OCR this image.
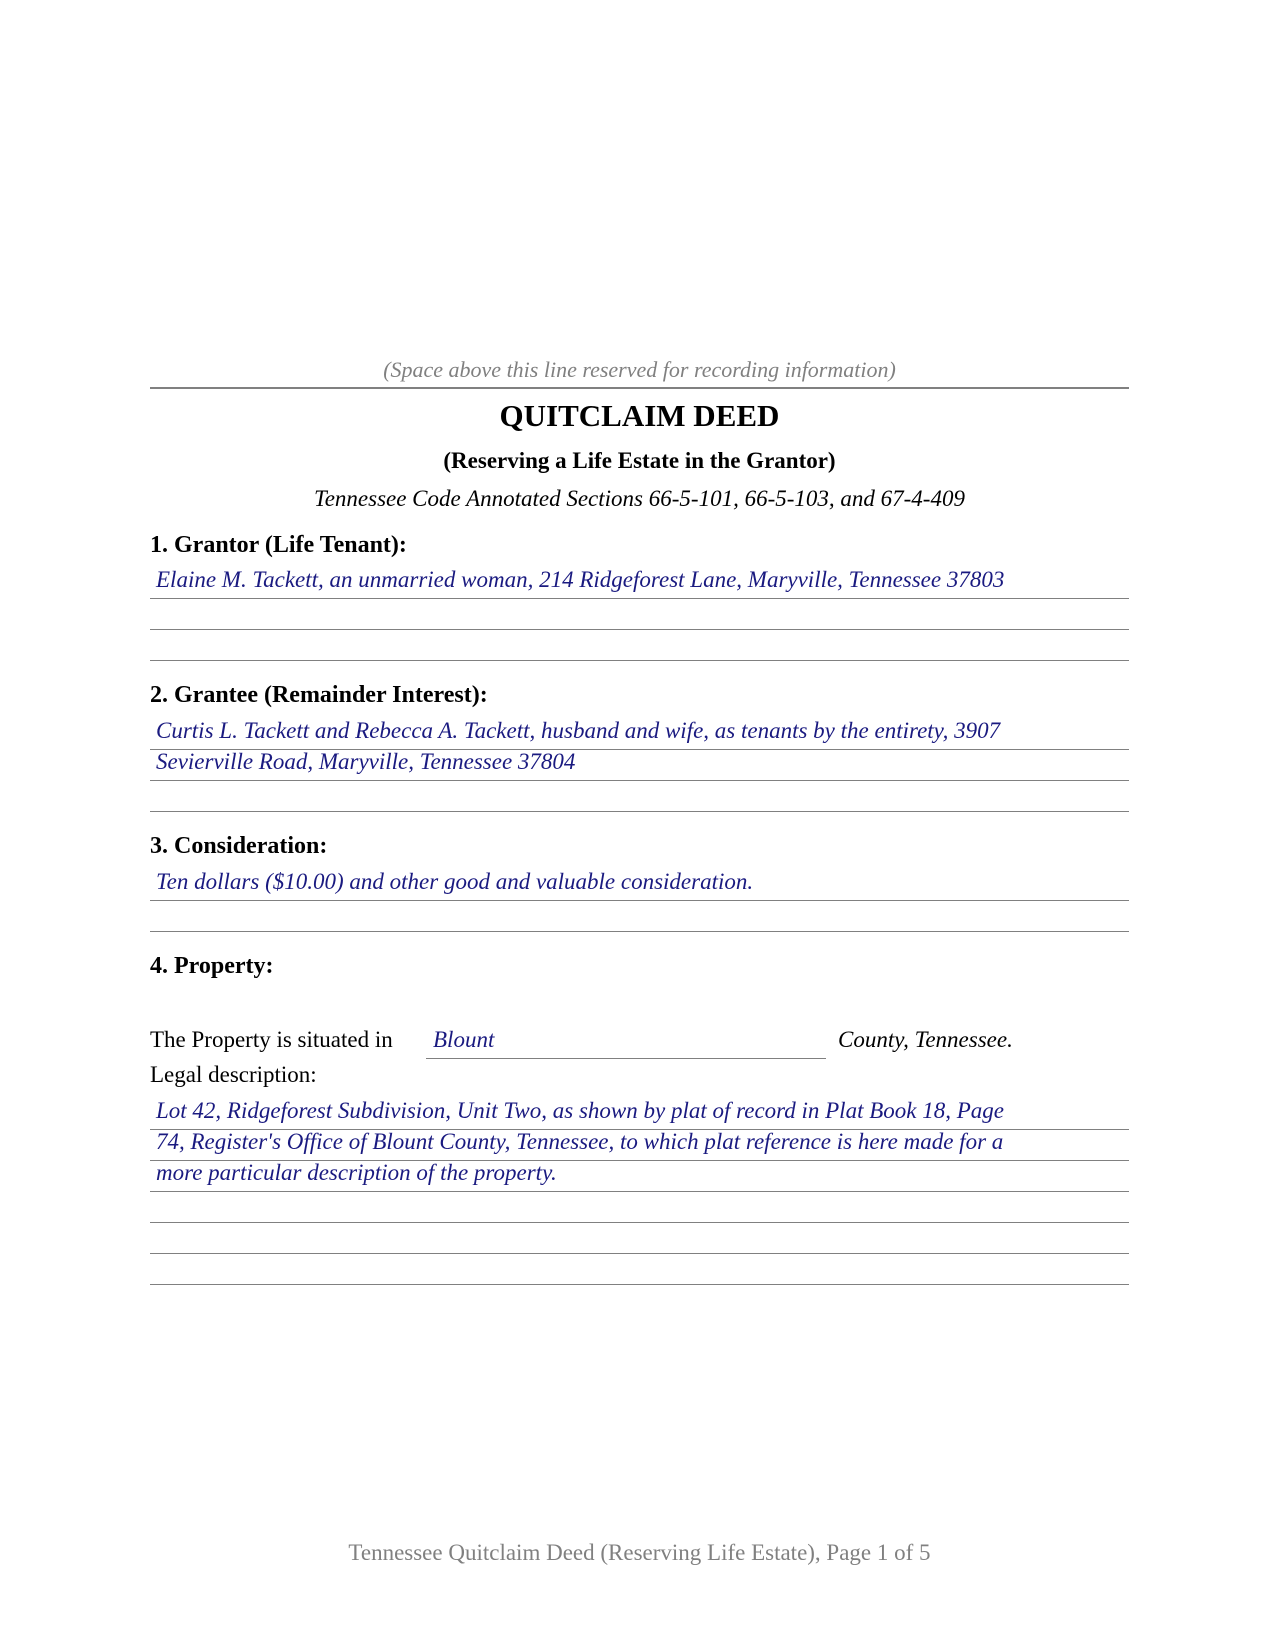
(Space above this line reserved for recording information)
QUITCLAIM DEED
(Reserving a Life Estate in the Grantor)
Tennessee Code Annotated Sections 66-5-101, 66-5-103, and 67-4-409
1. Grantor (Life Tenant):
Elaine M. Tackett, an unmarried woman, 214 Ridgeforest Lane, Maryville, Tennessee 37803
2. Grantee (Remainder Interest):
Curtis L. Tackett and Rebecca A. Tackett, husband and wife, as tenants by the entirety, 3907
Sevierville Road, Maryville, Tennessee 37804
3. Consideration:
Ten dollars ($10.00) and other good and valuable consideration.
4. Property:
The Property is situated in Blount	County, Tennessee.
Legal description:
Lot 42, Ridgeforest Subdivision, Unit Two, as shown by plat of record in Plat Book 18, Page
74, Register's Office of Blount County, Tennessee, to which plat reference is here made for a
more particular description of the property.
Tennessee Quitclaim Deed (Reserving Life Estate), Page 1 of 5
